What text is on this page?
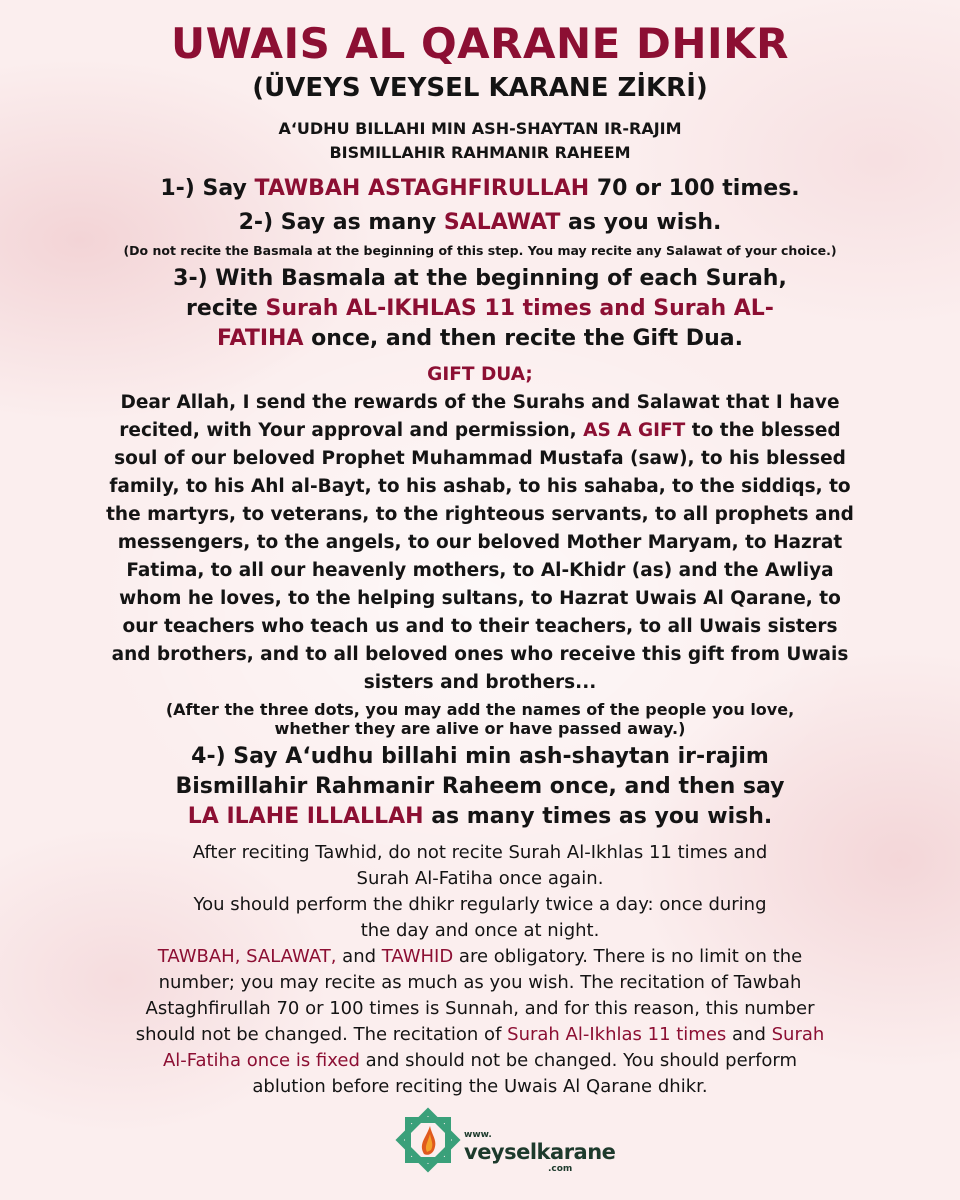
UWAIS AL QARANE DHIKR
(ÜVEYS VEYSEL KARANE ZİKRİ)
A‘UDHU BILLAHI MIN ASH-SHAYTAN IR-RAJIM
BISMILLAHIR RAHMANIR RAHEEM
1-) Say TAWBAH ASTAGHFIRULLAH 70 or 100 times.
2-) Say as many SALAWAT as you wish.
(Do not recite the Basmala at the beginning of this step. You may recite any Salawat of your choice.)
3-) With Basmala at the beginning of each Surah,
recite Surah AL-IKHLAS 11 times and Surah AL-
FATIHA once, and then recite the Gift Dua.
GIFT DUA;
Dear Allah, I send the rewards of the Surahs and Salawat that I have
recited, with Your approval and permission, AS A GIFT to the blessed
soul of our beloved Prophet Muhammad Mustafa (saw), to his blessed
family, to his Ahl al-Bayt, to his ashab, to his sahaba, to the siddiqs, to
the martyrs, to veterans, to the righteous servants, to all prophets and
messengers, to the angels, to our beloved Mother Maryam, to Hazrat
Fatima, to all our heavenly mothers, to Al-Khidr (as) and the Awliya
whom he loves, to the helping sultans, to Hazrat Uwais Al Qarane, to
our teachers who teach us and to their teachers, to all Uwais sisters
and brothers, and to all beloved ones who receive this gift from Uwais
sisters and brothers...
(After the three dots, you may add the names of the people you love,
whether they are alive or have passed away.)
4-) Say A‘udhu billahi min ash-shaytan ir-rajim
Bismillahir Rahmanir Raheem once, and then say
LA ILAHE ILLALLAH as many times as you wish.
After reciting Tawhid, do not recite Surah Al-Ikhlas 11 times and
Surah Al-Fatiha once again.
You should perform the dhikr regularly twice a day: once during
the day and once at night.
TAWBAH, SALAWAT, and TAWHID are obligatory. There is no limit on the
number; you may recite as much as you wish. The recitation of Tawbah
Astaghfirullah 70 or 100 times is Sunnah, and for this reason, this number
should not be changed. The recitation of Surah Al-Ikhlas 11 times and Surah
Al-Fatiha once is fixed and should not be changed. You should perform
ablution before reciting the Uwais Al Qarane dhikr.
www.
veyselkarane
.com
